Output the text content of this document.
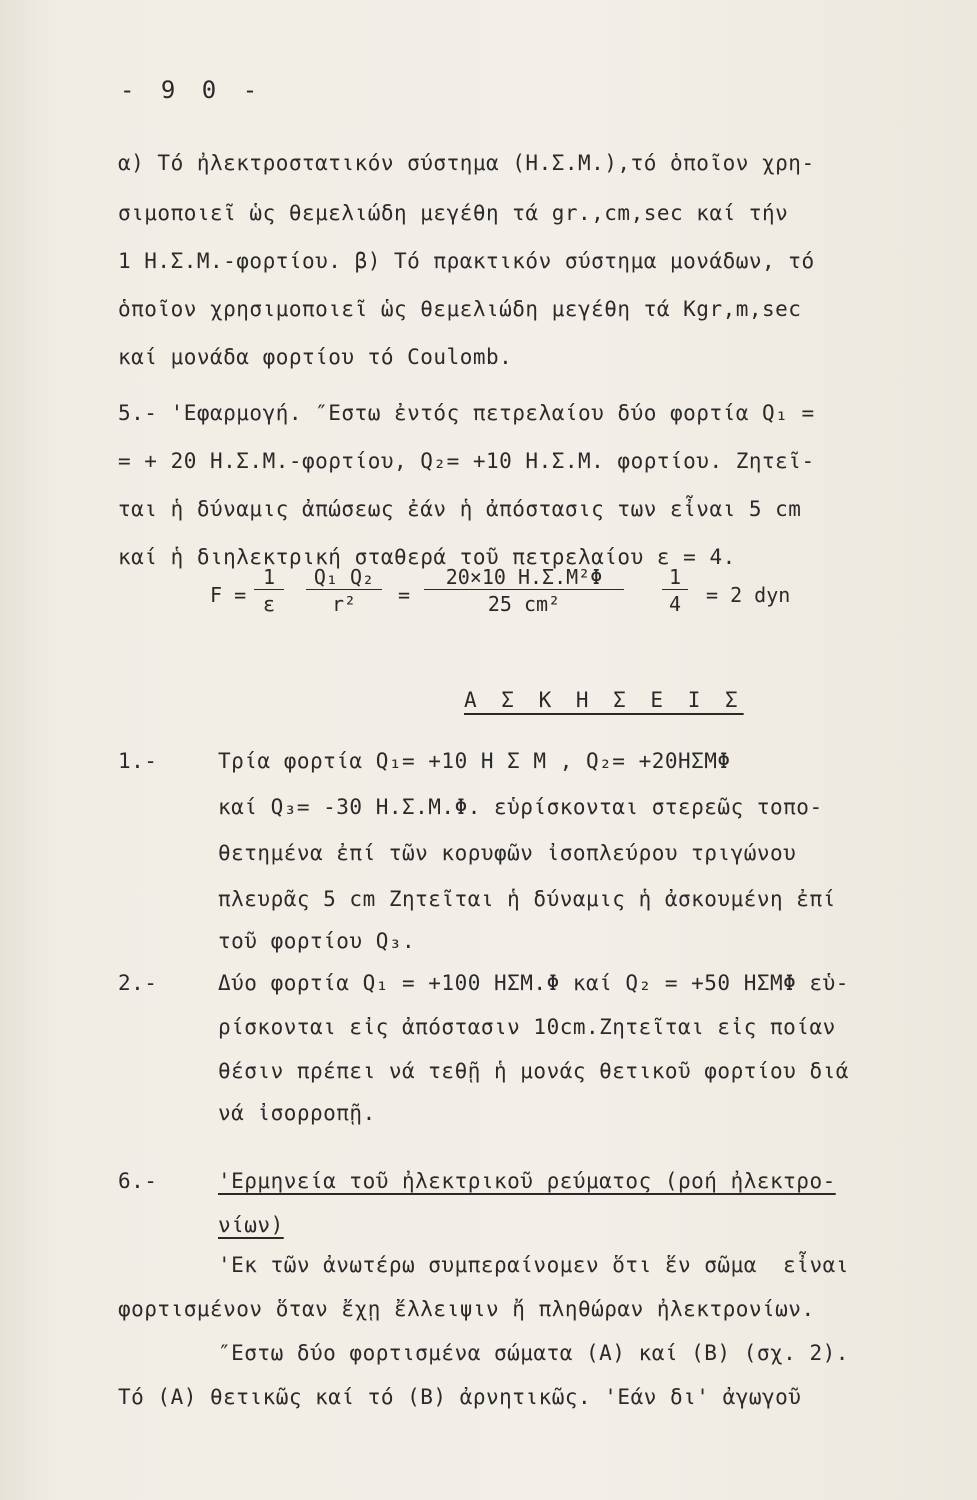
- 9 0 -
α) Τό ἠλεκτροστατικόν σύστημα (Η.Σ.Μ.),τό ὁποῖον χρη-
σιμοποιεῖ ὡς θεμελιώδη μεγέθη τά gr.,cm,sec καί τήν
1 Η.Σ.Μ.-φορτίου. β) Τό πρακτικόν σύστημα μονάδων, τό
ὁποῖον χρησιμοποιεῖ ὡς θεμελιώδη μεγέθη τά Kgr,m,sec
καί μονάδα φορτίου τό Coulomb.
5.- 'Εφαρμογή. ″Εστω ἐντός πετρελαίου δύο φορτία Q₁ =
= + 20 Η.Σ.Μ.-φορτίου, Q₂= +10 Η.Σ.Μ. φορτίου. Ζητεῖ-
ται ἡ δύναμις ἀπώσεως ἐάν ἡ ἀπόστασις των εἶναι 5 cm
καί ἡ διηλεκτρική σταθερά τοῦ πετρελαίου ε = 4.
$F = \frac{1}{\varepsilon} \frac{\text{Q₁ Q₂}}{\text{r²}} = \frac{\text{20×10 Η.Σ.Μ²Φ}}{\text{25 cm²}} \frac{1}{4} = 2$ dyn
Α Σ Κ Η Σ Ε Ι Σ
1.-	Τρία φορτία Q₁= +10 Η Σ Μ , Q₂= +20ΗΣΜΦ
καί Q₃= -30 Η.Σ.Μ.Φ. εὑρίσκονται στερεῶς τοπο-
θετημένα ἐπί τῶν κορυφῶν ἰσοπλεύρου τριγώνου
πλευρᾶς 5 cm Ζητεῖται ἡ δύναμις ἡ ἀσκουμένη ἐπί
τοῦ φορτίου Q₃.
2.-	Δύο φορτία Q₁ = +100 ΗΣΜ.Φ καί Q₂ = +50 ΗΣΜΦ εὑ-
ρίσκονται εἰς ἀπόστασιν 10cm.Ζητεῖται εἰς ποίαν
θέσιν πρέπει νά τεθῇ ἡ μονάς θετικοῦ φορτίου διά
νά ἰσορροπῇ.
6.-	'Ερμηνεία τοῦ ἠλεκτρικοῦ ρεύματος (ροή ἠλεκτρο-
νίων)
'Εκ τῶν ἀνωτέρω συμπεραίνομεν ὅτι ἕν σῶμα  εἶναι
φορτισμένον ὅταν ἔχῃ ἔλλειψιν ἤ πληθώραν ἠλεκτρονίων.
″Εστω δύο φορτισμένα σώματα (Α) καί (Β) (σχ. 2).
Τό (Α) θετικῶς καί τό (Β) ἀρνητικῶς. 'Εάν δι' ἀγωγοῦ
